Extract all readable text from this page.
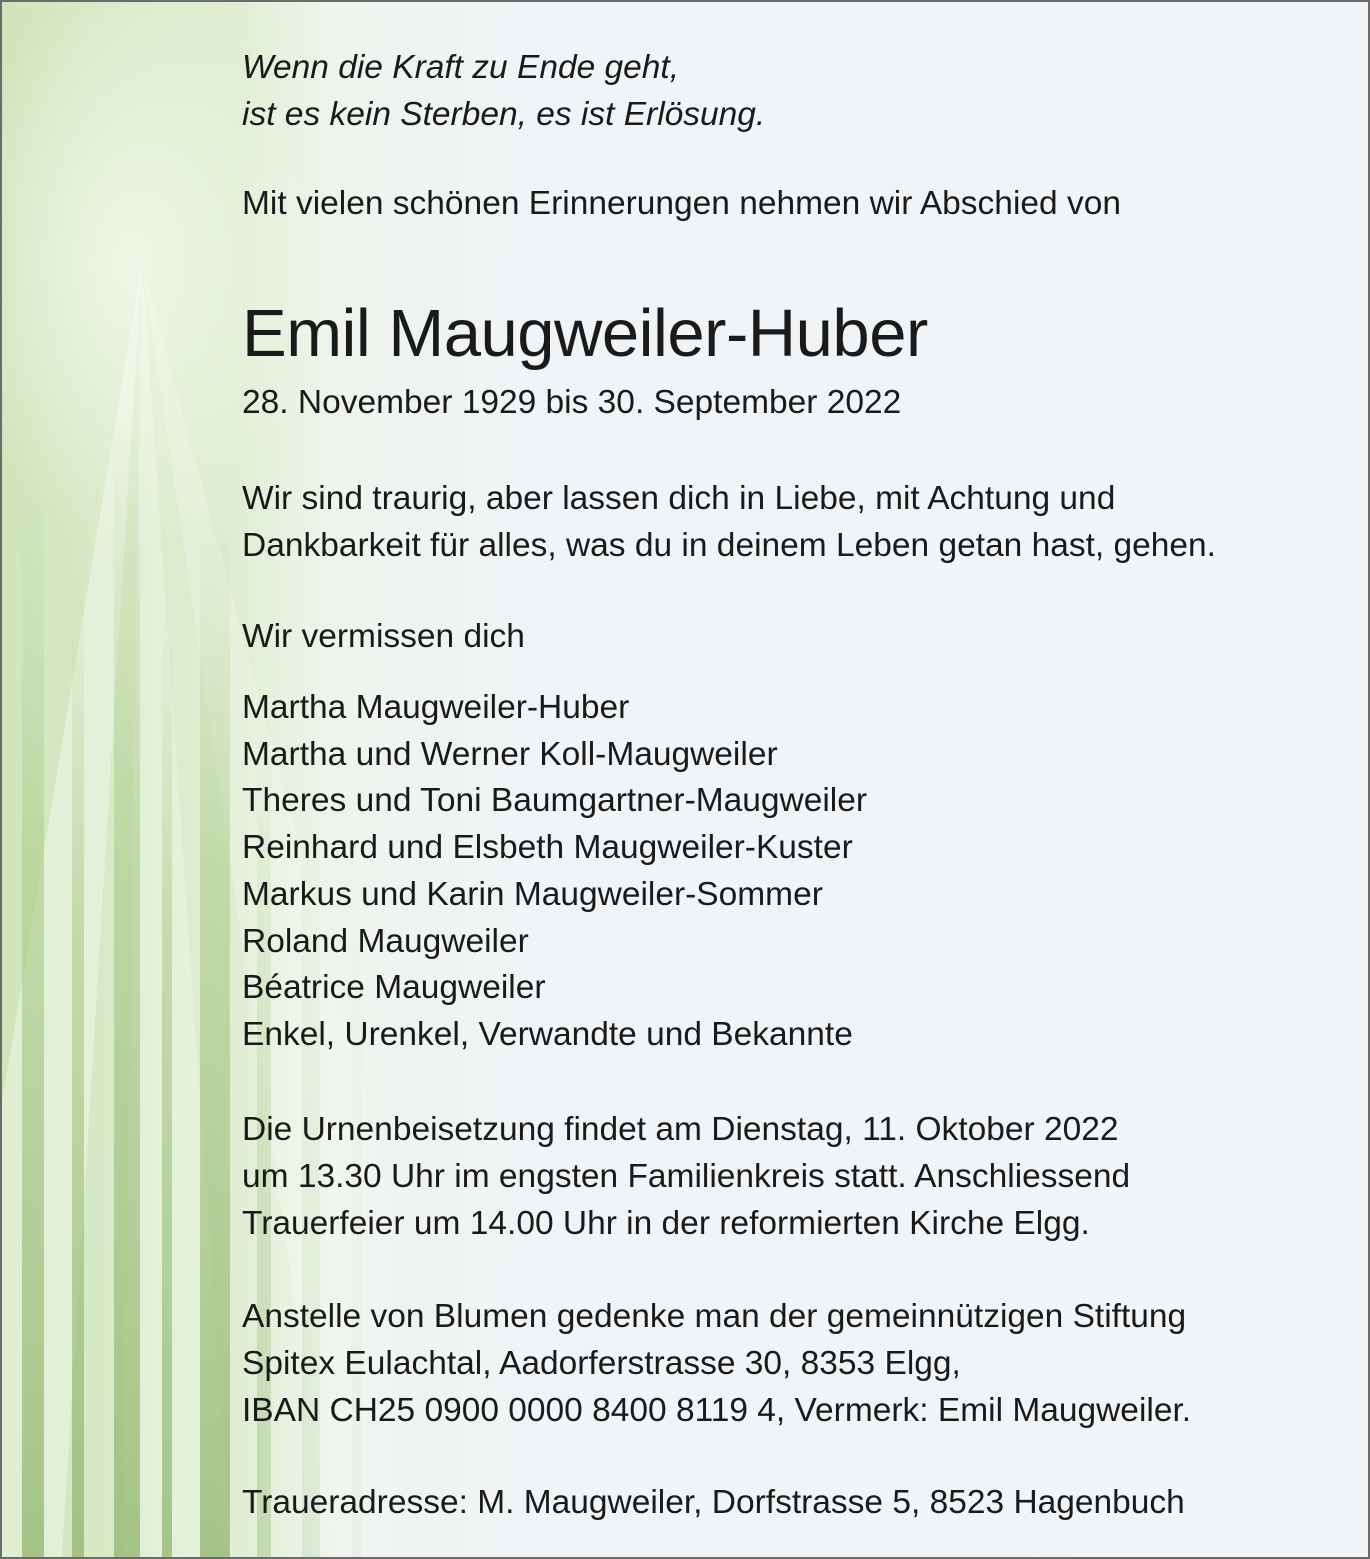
Wenn die Kraft zu Ende geht,

ist es kein Sterben, es ist Erlösung.

Mit vielen schönen Erinnerungen nehmen wir Abschied von

Emil Maugweiler-Huber

28. November 1929 bis 30. September 2022

Wir sind traurig, aber lassen dich in Liebe, mit Achtung und

Dankbarkeit für alles, was du in deinem Leben getan hast, gehen.

Wir vermissen dich

Martha Maugweiler-Huber

Martha und Werner Koll-Maugweiler

Theres und Toni Baumgartner-Maugweiler

Reinhard und Elsbeth Maugweiler-Kuster

Markus und Karin Maugweiler-Sommer

Roland Maugweiler

Béatrice Maugweiler

Enkel, Urenkel, Verwandte und Bekannte

Die Urnenbeisetzung findet am Dienstag, 11. Oktober 2022

um 13.30 Uhr im engsten Familienkreis statt. Anschliessend

Trauerfeier um 14.00 Uhr in der reformierten Kirche Elgg.

Anstelle von Blumen gedenke man der gemeinnützigen Stiftung

Spitex Eulachtal, Aadorferstrasse 30, 8353 Elgg,

IBAN CH25 0900 0000 8400 8119 4, Vermerk: Emil Maugweiler.

Traueradresse: M. Maugweiler, Dorfstrasse 5, 8523 Hagenbuch
